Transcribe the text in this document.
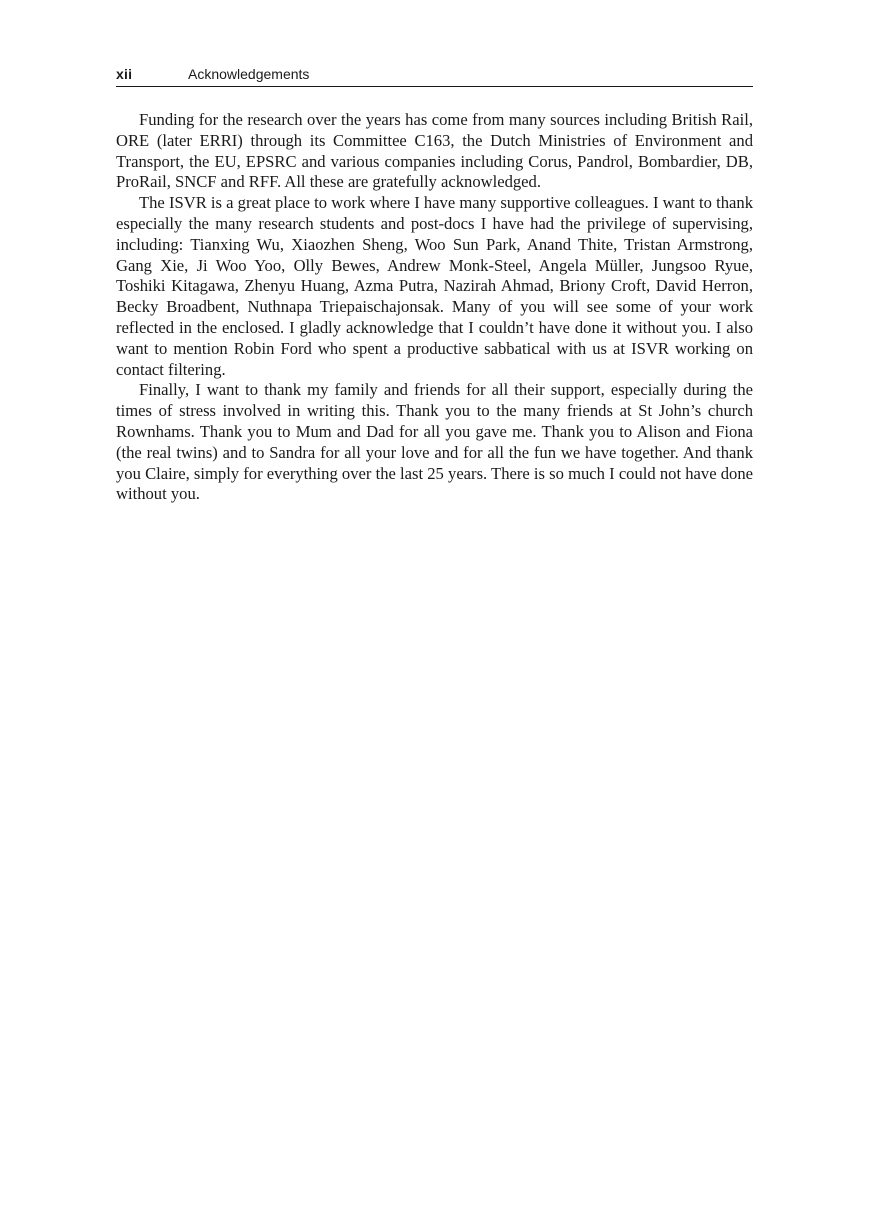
xii	Acknowledgements

Funding for the research over the years has come from many sources including British Rail, ORE (later ERRI) through its Committee C163, the Dutch Ministries of Environment and Transport, the EU, EPSRC and various companies including Corus, Pandrol, Bombardier, DB, ProRail, SNCF and RFF. All these are gratefully acknowledged.

The ISVR is a great place to work where I have many supportive colleagues. I want to thank especially the many research students and post-docs I have had the privilege of supervising, including: Tianxing Wu, Xiaozhen Sheng, Woo Sun Park, Anand Thite, Tristan Armstrong, Gang Xie, Ji Woo Yoo, Olly Bewes, Andrew Monk-Steel, Angela Müller, Jungsoo Ryue, Toshiki Kitagawa, Zhenyu Huang, Azma Putra, Nazirah Ahmad, Briony Croft, David Herron, Becky Broadbent, Nuthnapa Triepaischajonsak. Many of you will see some of your work reflected in the enclosed. I gladly acknowledge that I couldn’t have done it without you. I also want to mention Robin Ford who spent a productive sabbatical with us at ISVR working on contact filtering.

Finally, I want to thank my family and friends for all their support, especially during the times of stress involved in writing this. Thank you to the many friends at St John’s church Rownhams. Thank you to Mum and Dad for all you gave me. Thank you to Alison and Fiona (the real twins) and to Sandra for all your love and for all the fun we have together. And thank you Claire, simply for everything over the last 25 years. There is so much I could not have done without you.
